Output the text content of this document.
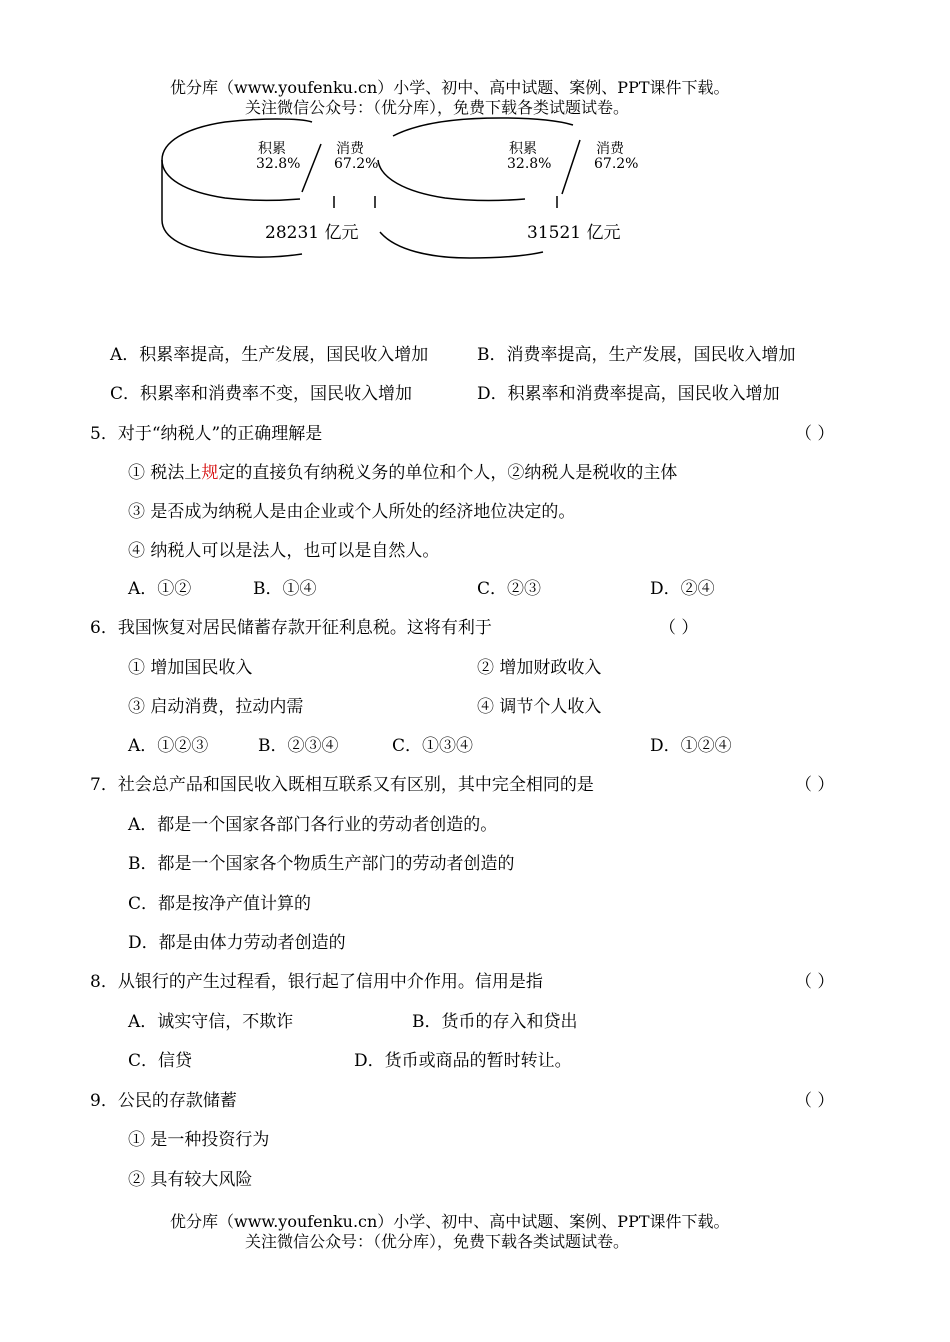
优分库（www.youfenku.cn）小学、初中、高中试题、案例、PPT课件下载。
关注微信公众号：（优分库），免费下载各类试题试卷。
积累
32.8%
消费
67.2%
28231 亿元
积累
32.8%
消费
67.2%
31521 亿元
A．积累率提高，生产发展，国民收入增加	B．消费率提高，生产发展，国民收入增加
C．积累率和消费率不变，国民收入增加	D．积累率和消费率提高，国民收入增加
5．对于“纳税人”的正确理解是	（ ）
① 税法上规定的直接负有纳税义务的单位和个人，②纳税人是税收的主体
③ 是否成为纳税人是由企业或个人所处的经济地位决定的。
④ 纳税人可以是法人，也可以是自然人。
A．①②	B．①④	C．②③	D．②④
6．我国恢复对居民储蓄存款开征利息税。这将有利于	（ ）
① 增加国民收入	② 增加财政收入
③ 启动消费，拉动内需	④ 调节个人收入
A．①②③	B．②③④	C．①③④	D．①②④
7．社会总产品和国民收入既相互联系又有区别，其中完全相同的是	（ ）
A．都是一个国家各部门各行业的劳动者创造的。
B．都是一个国家各个物质生产部门的劳动者创造的
C．都是按净产值计算的
D．都是由体力劳动者创造的
8．从银行的产生过程看，银行起了信用中介作用。信用是指	（ ）
A．诚实守信，不欺诈	B．货币的存入和贷出
C．信贷	D．货币或商品的暂时转让。
9．公民的存款储蓄	（ ）
① 是一种投资行为
② 具有较大风险
优分库（www.youfenku.cn）小学、初中、高中试题、案例、PPT课件下载。
关注微信公众号：（优分库），免费下载各类试题试卷。
